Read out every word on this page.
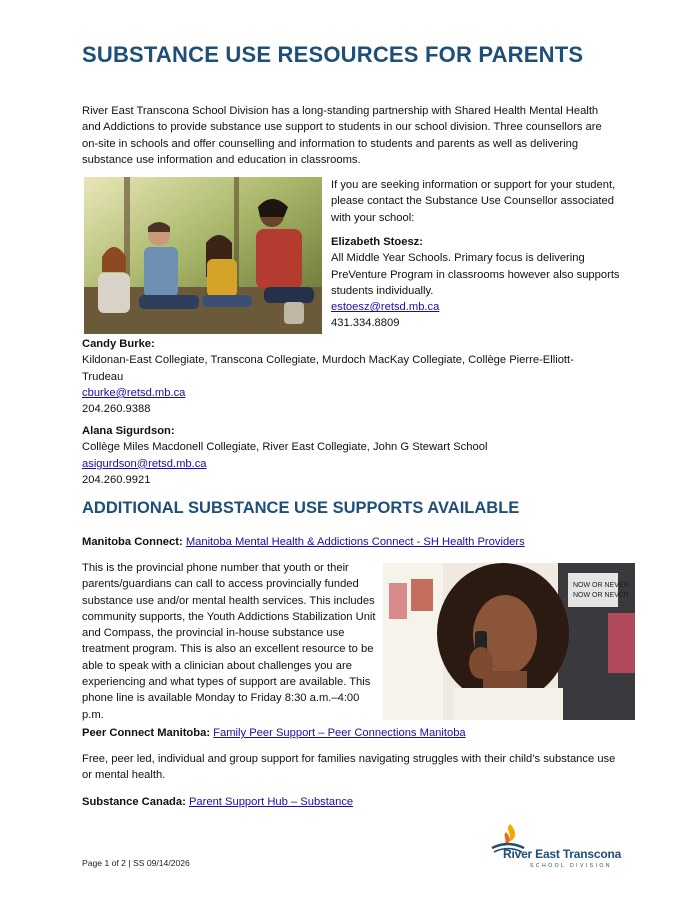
SUBSTANCE USE RESOURCES FOR PARENTS
River East Transcona School Division has a long-standing partnership with Shared Health Mental Health and Addictions to provide substance use support to students in our school division. Three counsellors are on-site in schools and offer counselling and information to students and parents as well as delivering substance use information and education in classrooms.
If you are seeking information or support for your student, please contact the Substance Use Counsellor associated with your school:
Elizabeth Stoesz:
All Middle Year Schools. Primary focus is delivering PreVenture Program in classrooms however also supports students individually.
estoesz@retsd.mb.ca
431.334.8809
Candy Burke:
Kildonan-East Collegiate, Transcona Collegiate, Murdoch MacKay Collegiate, Collège Pierre-Elliott-Trudeau
cburke@retsd.mb.ca
204.260.9388
Alana Sigurdson:
Collège Miles Macdonell Collegiate, River East Collegiate, John G Stewart School
asigurdson@retsd.mb.ca
204.260.9921
ADDITIONAL SUBSTANCE USE SUPPORTS AVAILABLE
Manitoba Connect: Manitoba Mental Health & Addictions Connect - SH Health Providers
This is the provincial phone number that youth or their parents/guardians can call to access provincially funded substance use and/or mental health services. This includes community supports, the Youth Addictions Stabilization Unit and Compass, the provincial in-house substance use treatment program. This is also an excellent resource to be able to speak with a clinician about challenges you are experiencing and what types of support are available. This phone line is available Monday to Friday 8:30 a.m.–4:00 p.m.
NOW OR NEVER
NOW OR NEVER
Peer Connect Manitoba: Family Peer Support – Peer Connections Manitoba
Free, peer led, individual and group support for families navigating struggles with their child’s substance use or mental health.
Substance Canada: Parent Support Hub – Substance
Page 1 of 2 | SS 09/14/2026
River East Transcona
SCHOOL DIVISION
